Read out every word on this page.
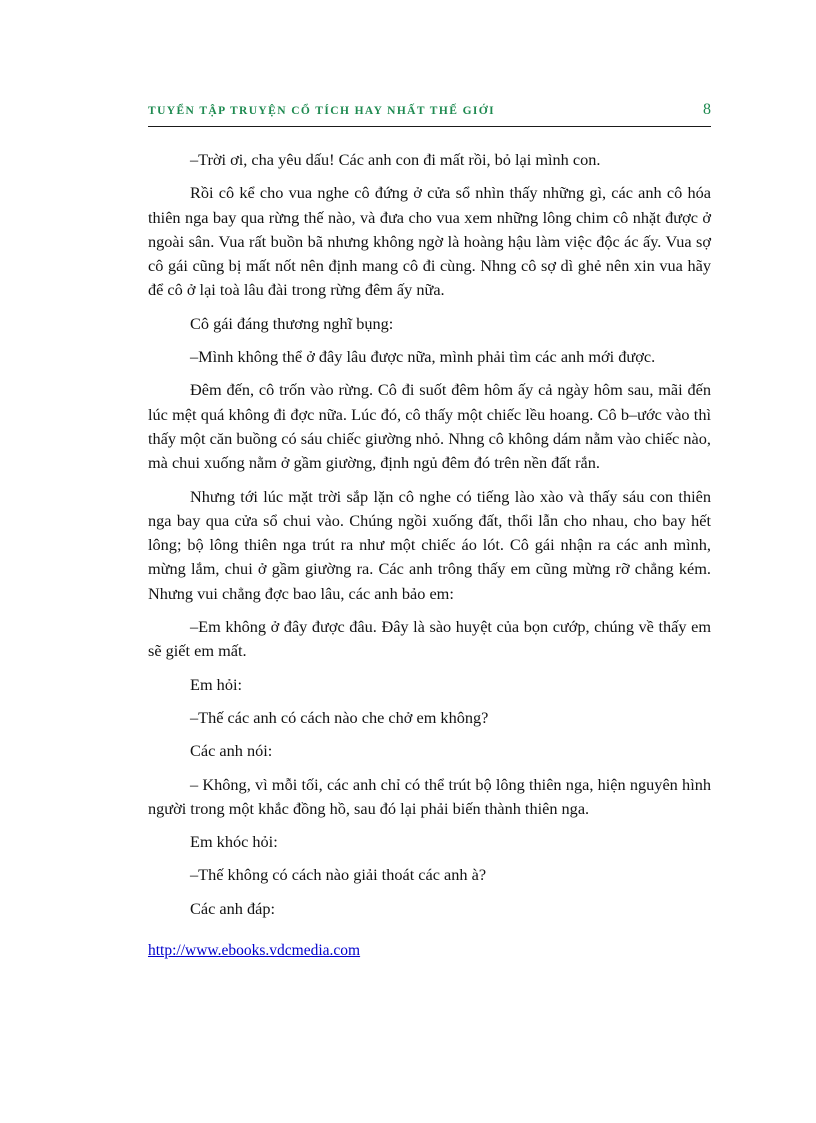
TUYỂN TẬP TRUYỆN CỔ TÍCH HAY NHẤT THẾ GIỚI	8

–Trời ơi, cha yêu dấu! Các anh con đi mất rồi, bỏ lại mình con.

Rồi cô kể cho vua nghe cô đứng ở cửa sổ nhìn thấy những gì, các anh cô hóa thiên nga bay qua rừng thế nào, và đưa cho vua xem những lông chim cô nhặt được ở ngoài sân. Vua rất buồn bã nhưng không ngờ là hoàng hậu làm việc độc ác ấy. Vua sợ cô gái cũng bị mất nốt nên định mang cô đi cùng. Nhng cô sợ dì ghẻ nên xin vua hãy để cô ở lại toà lâu đài trong rừng đêm ấy nữa.

Cô gái đáng thương nghĩ bụng:

–Mình không thể ở đây lâu được nữa, mình phải tìm các anh mới được.

Đêm đến, cô trốn vào rừng. Cô đi suốt đêm hôm ấy cả ngày hôm sau, mãi đến lúc mệt quá không đi đợc nữa. Lúc đó, cô thấy một chiếc lều hoang. Cô b–ước vào thì thấy một căn buồng có sáu chiếc giường nhỏ. Nhng cô không dám nằm vào chiếc nào, mà chui xuống nằm ở gầm giường, định ngủ đêm đó trên nền đất rắn.

Nhưng tới lúc mặt trời sắp lặn cô nghe có tiếng lào xào và thấy sáu con thiên nga bay qua cửa sổ chui vào. Chúng ngồi xuống đất, thổi lẫn cho nhau, cho bay hết lông; bộ lông thiên nga trút ra như một chiếc áo lót. Cô gái nhận ra các anh mình, mừng lắm, chui ở gầm giường ra. Các anh trông thấy em cũng mừng rỡ chẳng kém. Nhưng vui chẳng đợc bao lâu, các anh bảo em:

–Em không ở đây được đâu. Đây là sào huyệt của bọn cướp, chúng về thấy em sẽ giết em mất.

Em hỏi:

–Thế các anh có cách nào che chở em không?

Các anh nói:

– Không, vì mỗi tối, các anh chỉ có thể trút bộ lông thiên nga, hiện nguyên hình người trong một khắc đồng hồ, sau đó lại phải biến thành thiên nga.

Em khóc hỏi:

–Thế không có cách nào giải thoát các anh à?

Các anh đáp:

http://www.ebooks.vdcmedia.com
